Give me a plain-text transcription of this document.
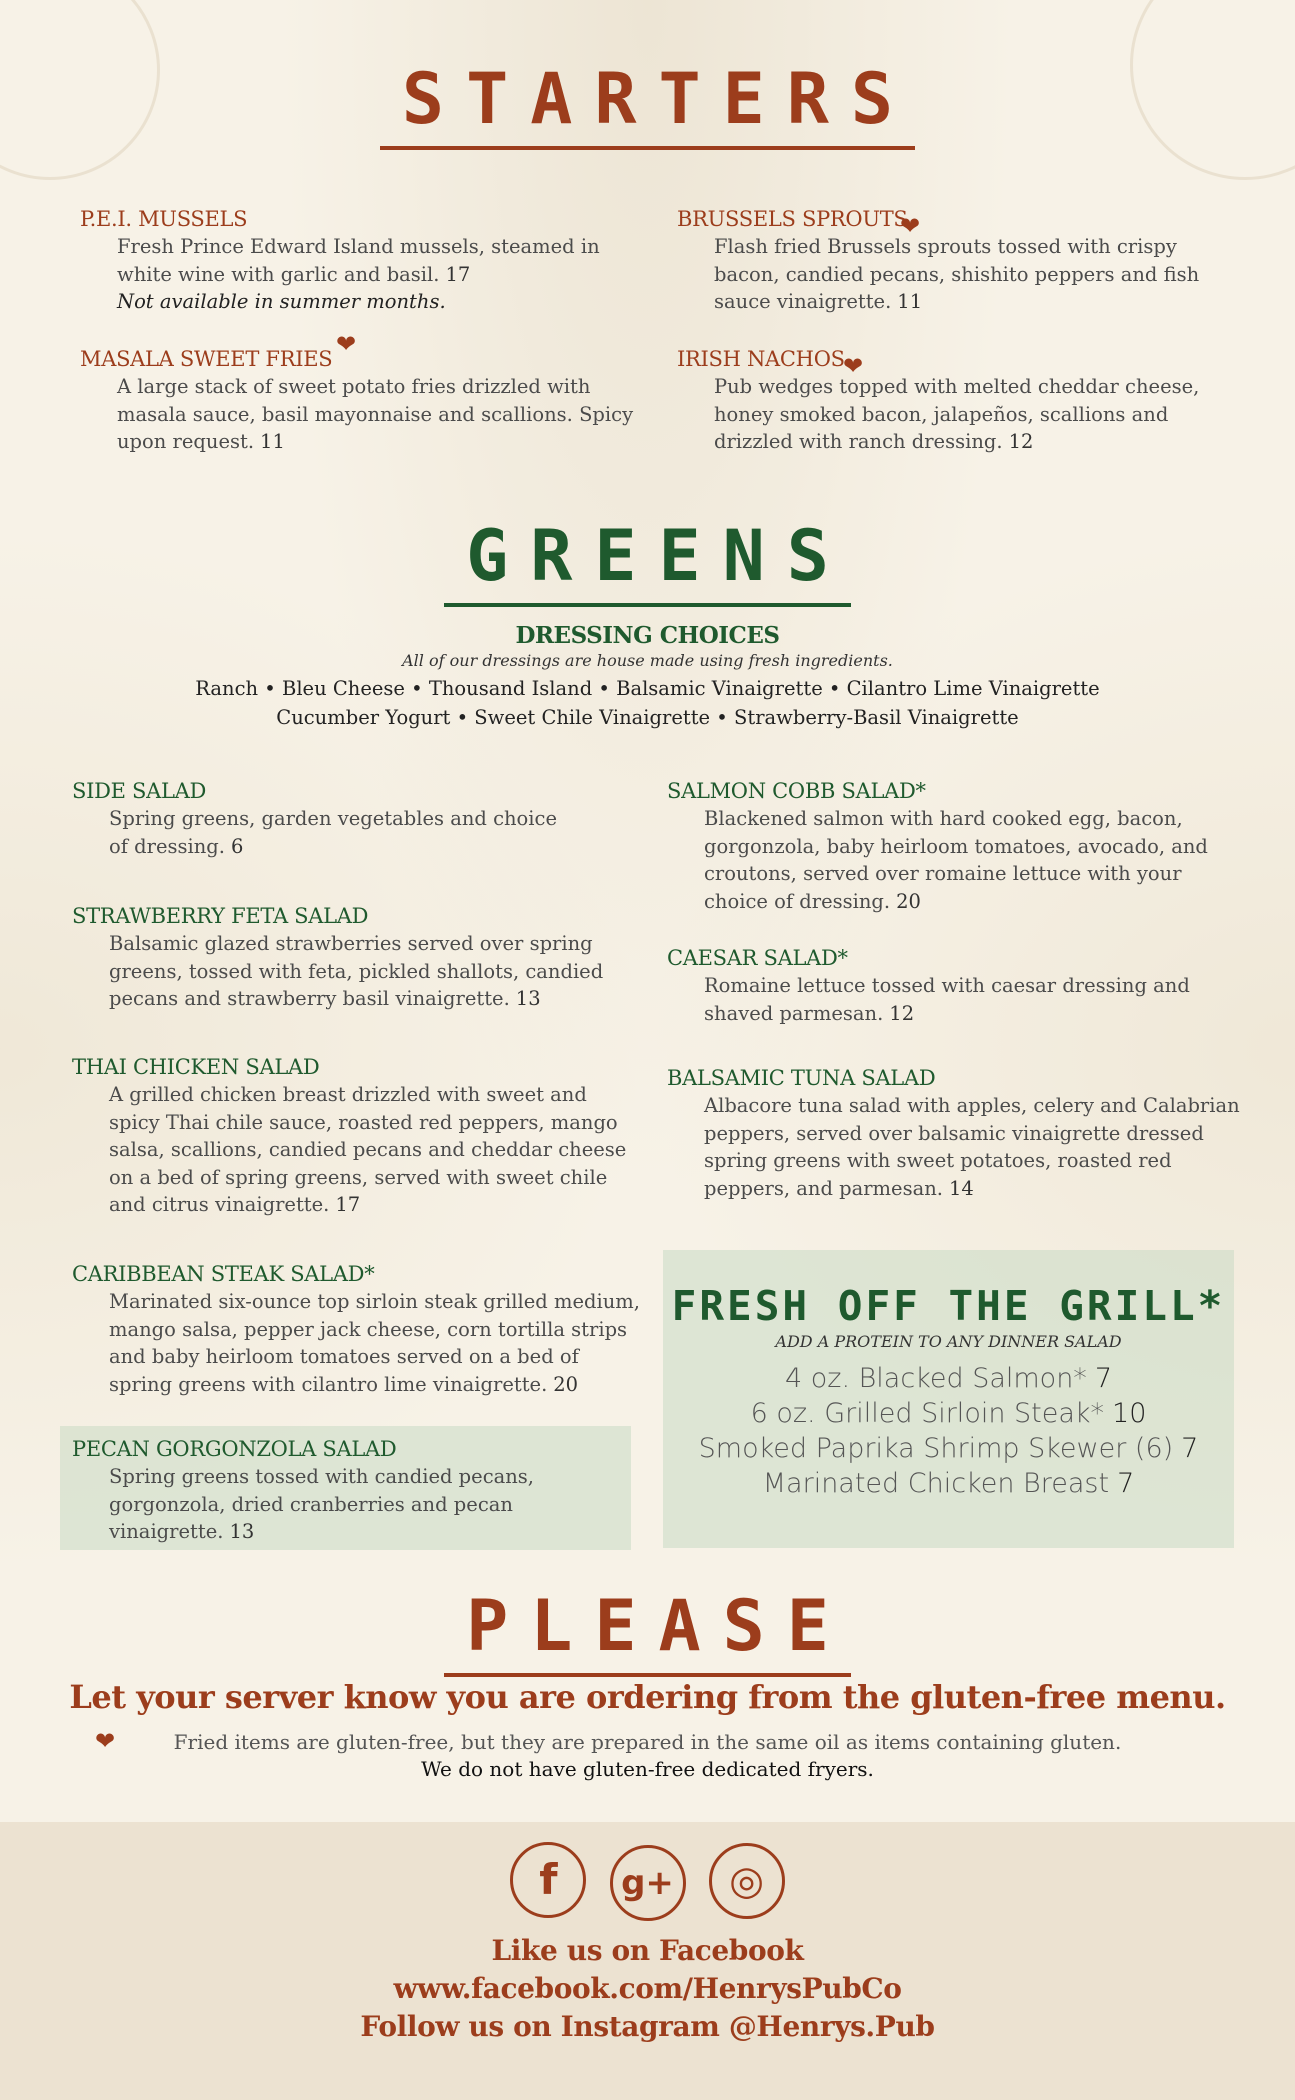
STARTERS
P.E.I. MUSSELS
Fresh Prince Edward Island mussels, steamed in white wine with garlic and basil. 17
Not available in summer months.
BRUSSELS SPROUTS
Flash fried Brussels sprouts tossed with crispy bacon, candied pecans, shishito peppers and fish sauce vinaigrette. 11
❤
MASALA SWEET FRIES
A large stack of sweet potato fries drizzled with masala sauce, basil mayonnaise and scallions. Spicy upon request. 11
❤
IRISH NACHOS
Pub wedges topped with melted cheddar cheese, honey smoked bacon, jalapeños, scallions and drizzled with ranch dressing. 12
❤
GREENS
DRESSING CHOICES
All of our dressings are house made using fresh ingredients.
Ranch • Bleu Cheese • Thousand Island • Balsamic Vinaigrette • Cilantro Lime Vinaigrette
Cucumber Yogurt • Sweet Chile Vinaigrette • Strawberry-Basil Vinaigrette
SIDE SALAD
Spring greens, garden vegetables and choice of dressing. 6
STRAWBERRY FETA SALAD
Balsamic glazed strawberries served over spring greens, tossed with feta, pickled shallots, candied pecans and strawberry basil vinaigrette. 13
THAI CHICKEN SALAD
A grilled chicken breast drizzled with sweet and spicy Thai chile sauce, roasted red peppers, mango salsa, scallions, candied pecans and cheddar cheese on a bed of spring greens, served with sweet chile and citrus vinaigrette. 17
CARIBBEAN STEAK SALAD*
Marinated six-ounce top sirloin steak grilled medium, mango salsa, pepper jack cheese, corn tortilla strips and baby heirloom tomatoes served on a bed of spring greens with cilantro lime vinaigrette. 20
PECAN GORGONZOLA SALAD
Spring greens tossed with candied pecans, gorgonzola, dried cranberries and pecan vinaigrette. 13
SALMON COBB SALAD*
Blackened salmon with hard cooked egg, bacon, gorgonzola, baby heirloom tomatoes, avocado, and croutons, served over romaine lettuce with your choice of dressing. 20
CAESAR SALAD*
Romaine lettuce tossed with caesar dressing and shaved parmesan. 12
BALSAMIC TUNA SALAD
Albacore tuna salad with apples, celery and Calabrian peppers, served over balsamic vinaigrette dressed spring greens with sweet potatoes, roasted red peppers, and parmesan. 14
FRESH OFF THE GRILL*
ADD A PROTEIN TO ANY DINNER SALAD
4 oz. Blacked Salmon* 7
6 oz. Grilled Sirloin Steak* 10
Smoked Paprika Shrimp Skewer (6) 7
Marinated Chicken Breast 7
PLEASE
Let your server know you are ordering from the gluten-free menu.
❤	Fried items are gluten-free, but they are prepared in the same oil as items containing gluten.
We do not have gluten-free dedicated fryers.
f g+ ◎
Like us on Facebook
www.facebook.com/HenrysPubCo
Follow us on Instagram @Henrys.Pub
